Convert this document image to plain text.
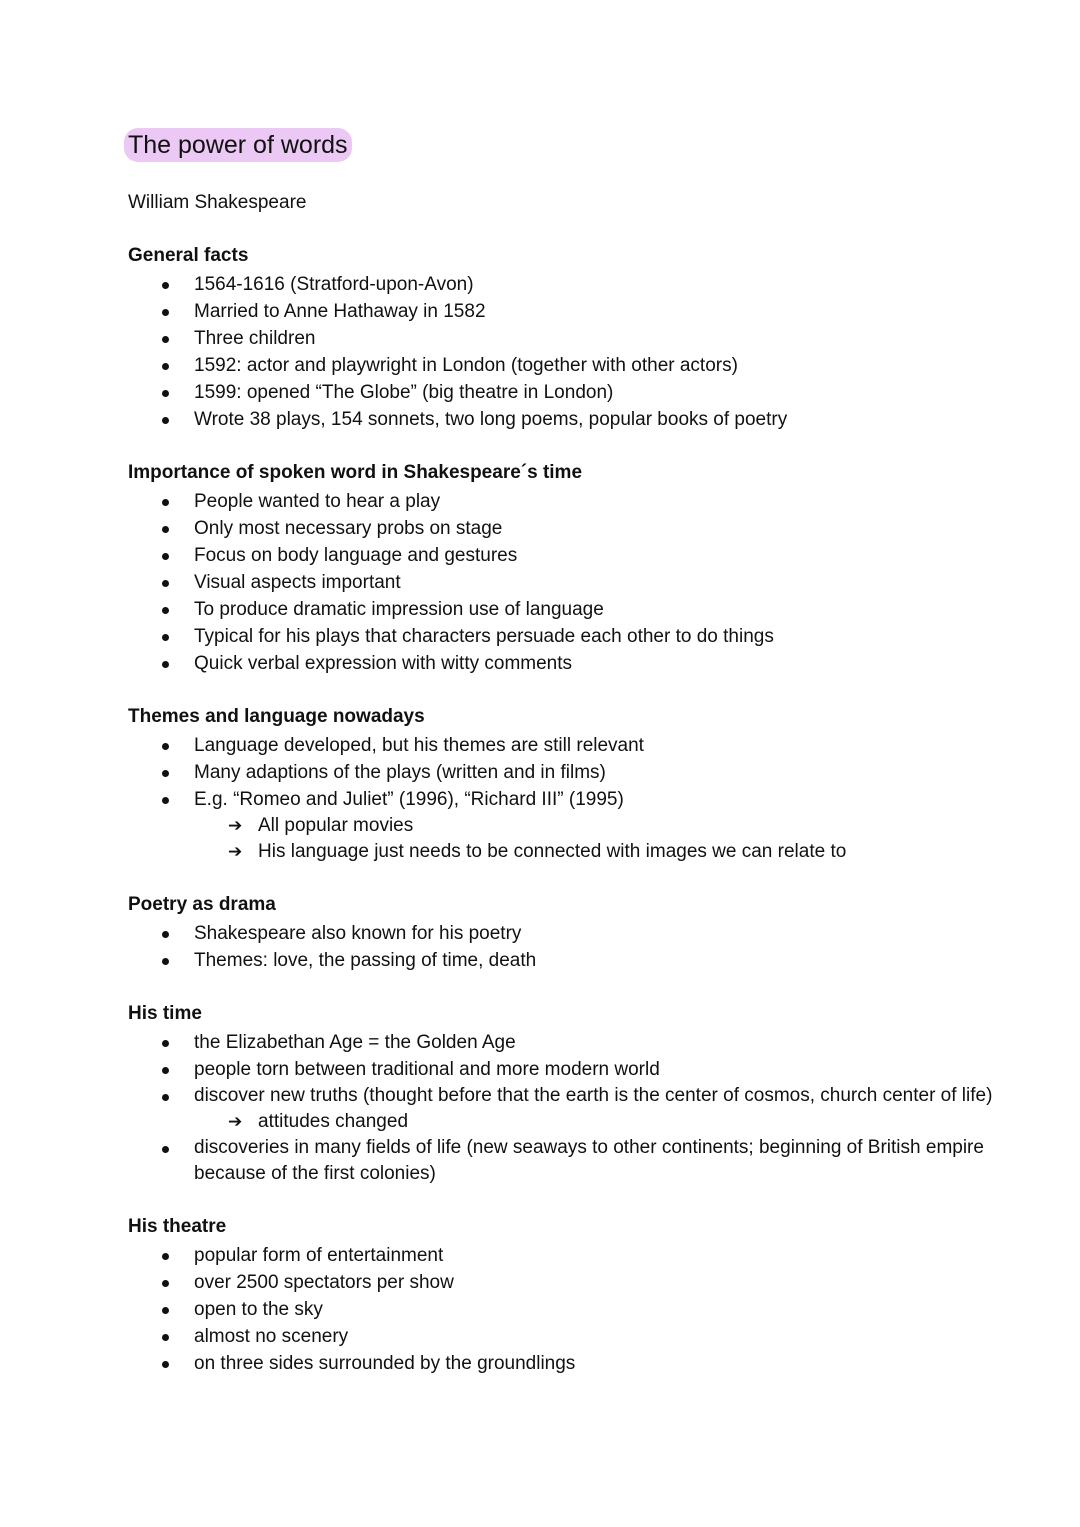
The power of words
William Shakespeare
General facts
1564-1616 (Stratford-upon-Avon)
Married to Anne Hathaway in 1582
Three children
1592: actor and playwright in London (together with other actors)
1599: opened “The Globe” (big theatre in London)
Wrote 38 plays, 154 sonnets, two long poems, popular books of poetry
Importance of spoken word in Shakespeare´s time
People wanted to hear a play
Only most necessary probs on stage
Focus on body language and gestures
Visual aspects important
To produce dramatic impression use of language
Typical for his plays that characters persuade each other to do things
Quick verbal expression with witty comments
Themes and language nowadays
Language developed, but his themes are still relevant
Many adaptions of the plays (written and in films)
E.g. “Romeo and Juliet” (1996), “Richard III” (1995)
➔ All popular movies
➔ His language just needs to be connected with images we can relate to
Poetry as drama
Shakespeare also known for his poetry
Themes: love, the passing of time, death
His time
the Elizabethan Age = the Golden Age
people torn between traditional and more modern world
discover new truths (thought before that the earth is the center of cosmos, church center of life)
➔ attitudes changed
discoveries in many fields of life (new seaways to other continents; beginning of British empire because of the first colonies)
His theatre
popular form of entertainment
over 2500 spectators per show
open to the sky
almost no scenery
on three sides surrounded by the groundlings
